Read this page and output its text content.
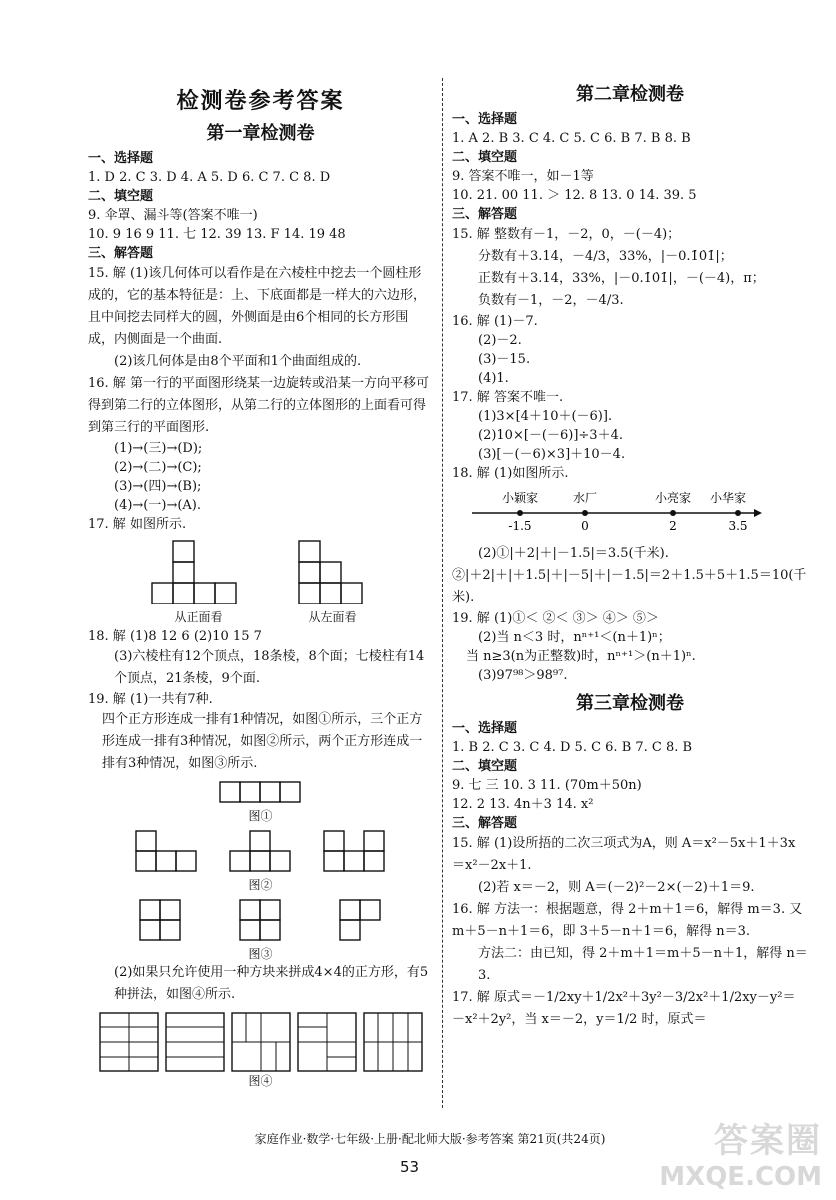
检测卷参考答案
第一章检测卷
一、选择题
1. D 2. C 3. D 4. A 5. D 6. C 7. C 8. D
二、填空题
9. 伞罩、漏斗等(答案不唯一)
10. 9 16 9 11. 七 12. 39 13. F 14. 19 48
三、解答题
15. 解 (1)该几何体可以看作是在六棱柱中挖去一个圆柱形成的，它的基本特征是：上、下底面都是一样大的六边形，且中间挖去同样大的圆，外侧面是由6个相同的长方形围成，内侧面是一个曲面.
(2)该几何体是由8个平面和1个曲面组成的.
16. 解 第一行的平面图形绕某一边旋转或沿某一方向平移可得到第二行的立体图形，从第二行的立体图形的上面看可得到第三行的平面图形.
(1)→(三)→(D);
(2)→(二)→(C);
(3)→(四)→(B);
(4)→(一)→(A).
17. 解 如图所示.
从正面看	从左面看
18. 解 (1)8 12 6 (2)10 15 7
(3)六棱柱有12个顶点，18条棱，8个面；七棱柱有14个顶点，21条棱，9个面.
19. 解 (1)一共有7种.
四个正方形连成一排有1种情况，如图①所示，三个正方形连成一排有3种情况，如图②所示，两个正方形连成一排有3种情况，如图③所示.
图①
图②
图③
(2)如果只允许使用一种方块来拼成4×4的正方形，有5种拼法，如图④所示.
图④
第二章检测卷
一、选择题
1. A 2. B 3. C 4. C 5. C 6. B 7. B 8. B
二、填空题
9. 答案不唯一，如－1等
10. 21. 00 11. ＞ 12. 8 13. 0 14. 39. 5
三、解答题
15. 解 整数有－1，－2，0，－(－4)；
分数有＋3.14，－4/3，33%，|－0.1̇0̇1̇|；
正数有＋3.14，33%，|－0.1̇0̇1̇|，－(－4)，π；
负数有－1，－2，－4/3.
16. 解 (1)－7.
(2)－2.
(3)－15.
(4)1.
17. 解 答案不唯一.
(1)3×[4＋10＋(－6)].
(2)10×[－(－6)]÷3＋4.
(3)[－(－6)×3]＋10－4.
18. 解 (1)如图所示.
小颖家	水厂	小亮家 小华家
-1.5	0	2	3.5
(2)①|＋2|＋|－1.5|＝3.5(千米).
②|＋2|＋|＋1.5|＋|－5|＋|－1.5|＝2＋1.5＋5＋1.5＝10(千米).
19. 解 (1)①＜ ②＜ ③＞ ④＞ ⑤＞
(2)当 n＜3 时，nⁿ⁺¹＜(n＋1)ⁿ；
当 n≥3(n为正整数)时，nⁿ⁺¹＞(n＋1)ⁿ.
(3)97⁹⁸＞98⁹⁷.
第三章检测卷
一、选择题
1. B 2. C 3. C 4. D 5. C 6. B 7. C 8. B
二、填空题
9. 七 三 10. 3 11. (70m＋50n)
12. 2 13. 4n＋3 14. x²
三、解答题
15. 解 (1)设所捂的二次三项式为A，则 A＝x²－5x＋1＋3x＝x²－2x＋1.
(2)若 x＝－2，则 A＝(－2)²－2×(－2)＋1＝9.
16. 解 方法一：根据题意，得 2＋m＋1＝6，解得 m＝3. 又 m＋5－n＋1＝6，即 3＋5－n＋1＝6，解得 n＝3.
方法二：由已知，得 2＋m＋1＝m＋5－n＋1，解得 n＝3.
17. 解 原式＝－1/2xy＋1/2x²＋3y²－3/2x²＋1/2xy－y²＝－x²＋2y²，当 x＝－2，y＝1/2 时，原式＝
家庭作业·数学·七年级·上册·配北师大版·参考答案 第21页(共24页)
53
答案圈
MXQE.COM
